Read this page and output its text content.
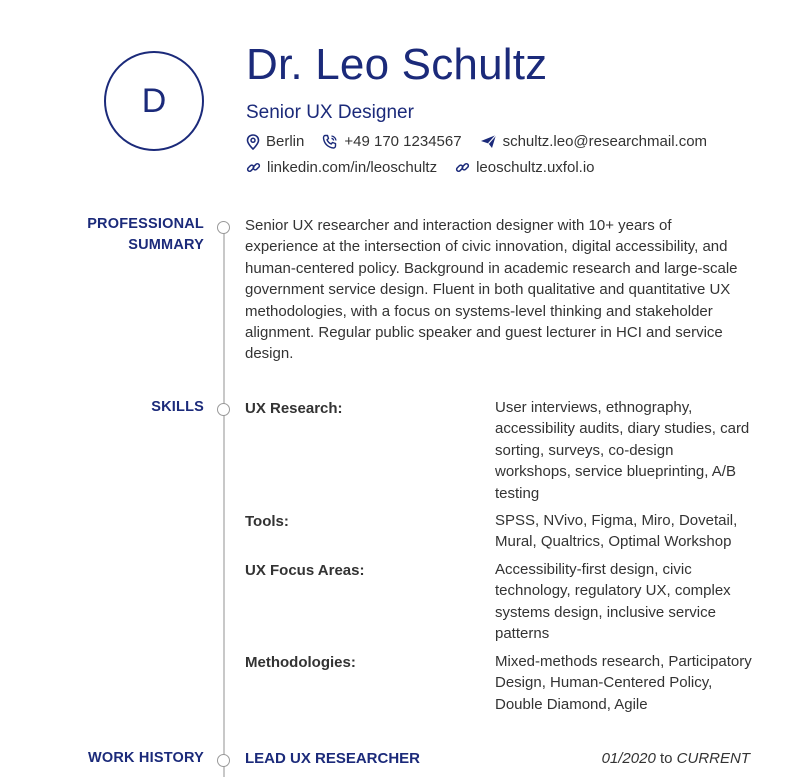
D
Dr. Leo Schultz
Senior UX Designer
Berlin	+49 170 1234567	schultz.leo@researchmail.com
linkedin.com/in/leoschultz	leoschultz.uxfol.io
PROFESSIONAL
SUMMARY
Senior UX researcher and interaction designer with 10+ years of experience at the intersection of civic innovation, digital accessibility, and human-centered policy. Background in academic research and large-scale government service design. Fluent in both qualitative and quantitative UX methodologies, with a focus on systems-level thinking and stakeholder alignment. Regular public speaker and guest lecturer in HCI and service design.
SKILLS	UX Research:	User interviews, ethnography, accessibility audits, diary studies, card sorting, surveys, co-design workshops, service blueprinting, A/B testing
Tools:	SPSS, NVivo, Figma, Miro, Dovetail, Mural, Qualtrics, Optimal Workshop
UX Focus Areas:	Accessibility-first design, civic technology, regulatory UX, complex systems design, inclusive service patterns
Methodologies:	Mixed-methods research, Participatory Design, Human-Centered Policy, Double Diamond, Agile
WORK HISTORY	LEAD UX RESEARCHER	01/2020 to CURRENT
